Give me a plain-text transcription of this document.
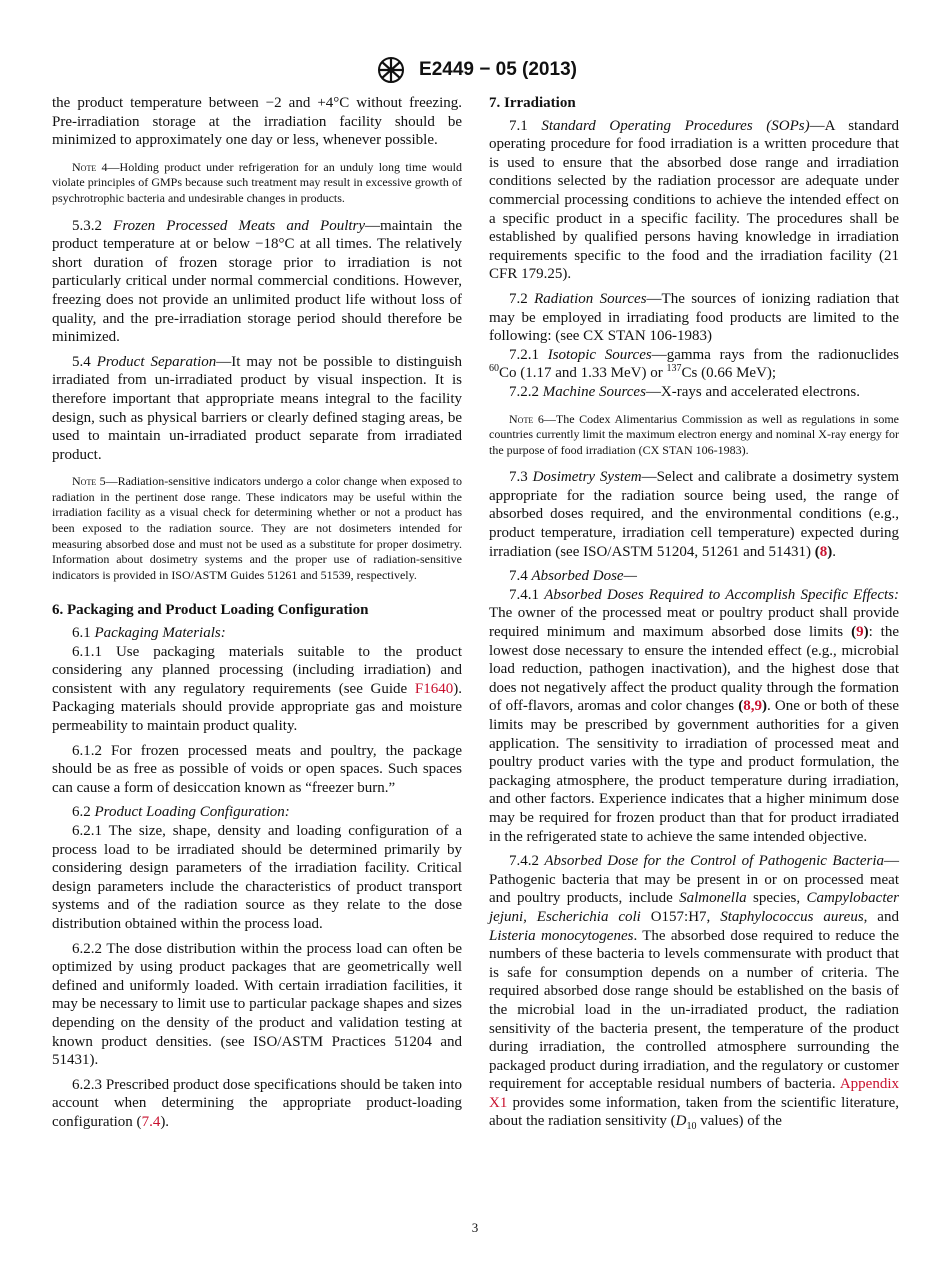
E2449 − 05 (2013)

the product temperature between −2 and +4°C without freezing. Pre-irradiation storage at the irradiation facility should be minimized to approximately one day or less, whenever possible.

Note 4—Holding product under refrigeration for an unduly long time would violate principles of GMPs because such treatment may result in excessive growth of psychrotrophic bacteria and undesirable changes in products.

5.3.2 Frozen Processed Meats and Poultry—maintain the product temperature at or below −18°C at all times. The relatively short duration of frozen storage prior to irradiation is not particularly critical under normal commercial conditions. However, freezing does not provide an unlimited product life without loss of quality, and the pre-irradiation storage period should therefore be minimized.

5.4 Product Separation—It may not be possible to distinguish irradiated from un-irradiated product by visual inspection. It is therefore important that appropriate means integral to the facility design, such as physical barriers or clearly defined staging areas, be used to maintain un-irradiated product separate from irradiated product.

Note 5—Radiation-sensitive indicators undergo a color change when exposed to radiation in the pertinent dose range. These indicators may be useful within the irradiation facility as a visual check for determining whether or not a product has been exposed to the radiation source. They are not dosimeters intended for measuring absorbed dose and must not be used as a substitute for proper dosimetry. Information about dosimetry systems and the proper use of radiation-sensitive indicators is provided in ISO/ASTM Guides 51261 and 51539, respectively.

6. Packaging and Product Loading Configuration

6.1 Packaging Materials:

6.1.1 Use packaging materials suitable to the product considering any planned processing (including irradiation) and consistent with any regulatory requirements (see Guide F1640). Packaging materials should provide appropriate gas and moisture permeability to maintain product quality.

6.1.2 For frozen processed meats and poultry, the package should be as free as possible of voids or open spaces. Such spaces can cause a form of desiccation known as “freezer burn.”

6.2 Product Loading Configuration:

6.2.1 The size, shape, density and loading configuration of a process load to be irradiated should be determined primarily by considering design parameters of the irradiation facility. Critical design parameters include the characteristics of product transport systems and of the radiation source as they relate to the dose distribution obtained within the process load.

6.2.2 The dose distribution within the process load can often be optimized by using product packages that are geometrically well defined and uniformly loaded. With certain irradiation facilities, it may be necessary to limit use to particular package shapes and sizes depending on the density of the product and validation testing at known product densities. (see ISO/ASTM Practices 51204 and 51431).

6.2.3 Prescribed product dose specifications should be taken into account when determining the appropriate product-loading configuration (7.4).

7. Irradiation

7.1 Standard Operating Procedures (SOPs)—A standard operating procedure for food irradiation is a written procedure that is used to ensure that the absorbed dose range and irradiation conditions selected by the radiation processor are adequate under commercial processing conditions to achieve the intended effect on a specific product in a specific facility. The procedures shall be established by qualified persons having knowledge in irradiation requirements specific to the food and the irradiation facility (21 CFR 179.25).

7.2 Radiation Sources—The sources of ionizing radiation that may be employed in irradiating food products are limited to the following: (see CX STAN 106-1983)

7.2.1 Isotopic Sources—gamma rays from the radionuclides $^{60}$Co (1.17 and 1.33 MeV) or $^{137}$Cs (0.66 MeV);

7.2.2 Machine Sources—X-rays and accelerated electrons.

Note 6—The Codex Alimentarius Commission as well as regulations in some countries currently limit the maximum electron energy and nominal X-ray energy for the purpose of food irradiation (CX STAN 106-1983).

7.3 Dosimetry System—Select and calibrate a dosimetry system appropriate for the radiation source being used, the range of absorbed doses required, and the environmental conditions (e.g., product temperature, irradiation cell temperature) expected during irradiation (see ISO/ASTM 51204, 51261 and 51431) (8).

7.4 Absorbed Dose—

7.4.1 Absorbed Doses Required to Accomplish Specific Effects: The owner of the processed meat or poultry product shall provide required minimum and maximum absorbed dose limits (9): the lowest dose necessary to ensure the intended effect (e.g., microbial load reduction, pathogen inactivation), and the highest dose that does not negatively affect the product quality through the formation of off-flavors, aromas and color changes (8,9). One or both of these limits may be prescribed by government authorities for a given application. The sensitivity to irradiation of processed meat and poultry product varies with the type and product formulation, the packaging atmosphere, the product temperature during irradiation, and other factors. Experience indicates that a higher minimum dose may be required for frozen product than that for product irradiated in the refrigerated state to achieve the same intended objective.

7.4.2 Absorbed Dose for the Control of Pathogenic Bacteria—Pathogenic bacteria that may be present in or on processed meat and poultry products, include Salmonella species, Campylobacter jejuni, Escherichia coli O157:H7, Staphylococcus aureus, and Listeria monocytogenes. The absorbed dose required to reduce the numbers of these bacteria to levels commensurate with product that is safe for consumption depends on a number of criteria. The required absorbed dose range should be established on the basis of the microbial load in the un-irradiated product, the radiation sensitivity of the bacteria present, the temperature of the product during irradiation, the controlled atmosphere surrounding the packaged product during irradiation, and the regulatory or customer requirement for acceptable residual numbers of bacteria. Appendix X1 provides some information, taken from the scientific literature, about the radiation sensitivity ($D_{10}$ values) of the

3
